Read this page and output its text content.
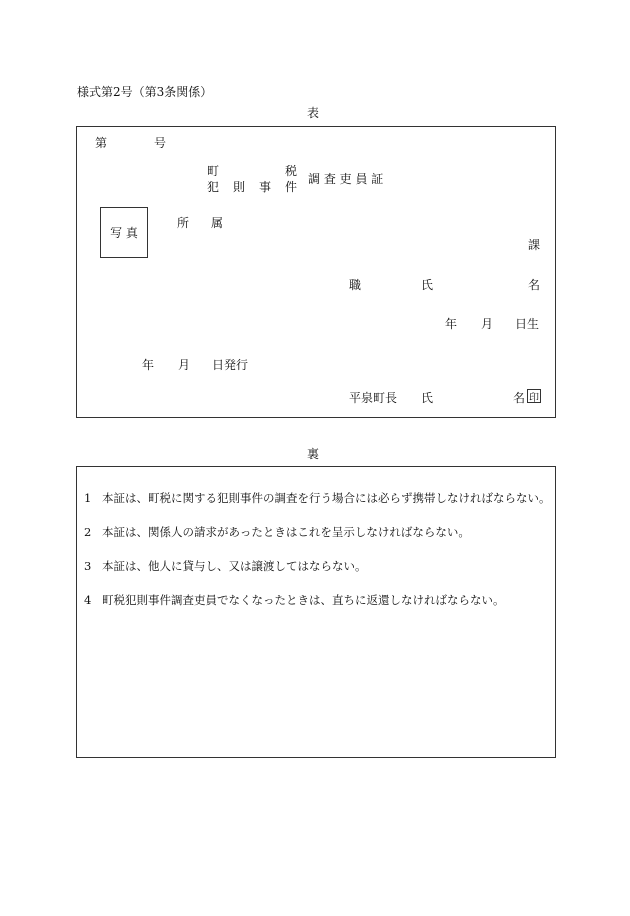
様式第2号（第3条関係）
表
第	号
町	税
犯 則 事 件
調 査 吏 員 証
写 真
所 属
課
職	氏	名
年 月 日生
年 月 日発行
平泉町長 氏	名 印
裏
1 本証は、町税に関する犯則事件の調査を行う場合には必らず携帯しなければならない。
2 本証は、関係人の請求があったときはこれを呈示しなければならない。
3 本証は、他人に貸与し、又は譲渡してはならない。
4 町税犯則事件調査吏員でなくなったときは、直ちに返還しなければならない。
